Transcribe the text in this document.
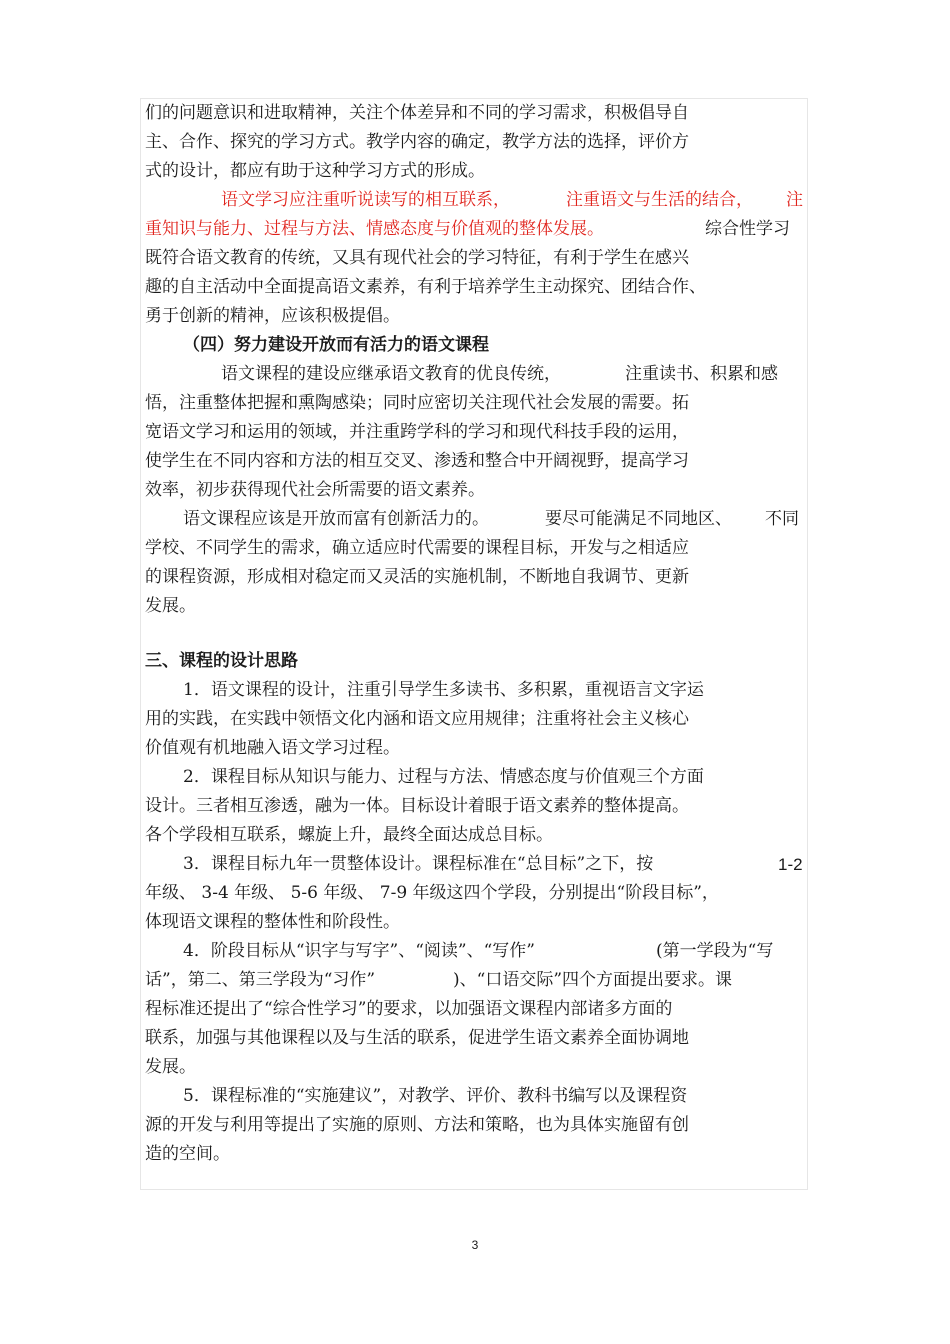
们的问题意识和进取精神，关注个体差异和不同的学习需求，积极倡导自
主、合作、探究的学习方式。教学内容的确定，教学方法的选择，评价方
式的设计，都应有助于这种学习方式的形成。
语文学习应注重听说读写的相互联系，	注重语文与生活的结合， 注
重知识与能力、过程与方法、情感态度与价值观的整体发展。	综合性学习
既符合语文教育的传统，又具有现代社会的学习特征，有利于学生在感兴
趣的自主活动中全面提高语文素养，有利于培养学生主动探究、团结合作、
勇于创新的精神，应该积极提倡。
（四）努力建设开放而有活力的语文课程
语文课程的建设应继承语文教育的优良传统，	注重读书、积累和感
悟，注重整体把握和熏陶感染；同时应密切关注现代社会发展的需要。拓
宽语文学习和运用的领域，并注重跨学科的学习和现代科技手段的运用，
使学生在不同内容和方法的相互交叉、渗透和整合中开阔视野，提高学习
效率，初步获得现代社会所需要的语文素养。
语文课程应该是开放而富有创新活力的。	要尽可能满足不同地区、 不同
学校、不同学生的需求，确立适应时代需要的课程目标，开发与之相适应
的课程资源，形成相对稳定而又灵活的实施机制，不断地自我调节、更新
发展。
三、课程的设计思路
1．语文课程的设计，注重引导学生多读书、多积累，重视语言文字运
用的实践，在实践中领悟文化内涵和语文应用规律；注重将社会主义核心
价值观有机地融入语文学习过程。
2．课程目标从知识与能力、过程与方法、情感态度与价值观三个方面
设计。三者相互渗透，融为一体。目标设计着眼于语文素养的整体提高。
各个学段相互联系，螺旋上升，最终全面达成总目标。
3．课程目标九年一贯整体设计。课程标准在“总目标”之下，按	1-2
年级、 3-4 年级、 5-6 年级、 7-9 年级这四个学段，分别提出“阶段目标”，
体现语文课程的整体性和阶段性。
4．阶段目标从“识字与写字”、“阅读”、“写作”	(第一学段为“写
话”，第二、第三学段为“习作”	)、“口语交际”四个方面提出要求。课
程标准还提出了“综合性学习”的要求，以加强语文课程内部诸多方面的
联系，加强与其他课程以及与生活的联系，促进学生语文素养全面协调地
发展。
5．课程标准的“实施建议”，对教学、评价、教科书编写以及课程资
源的开发与利用等提出了实施的原则、方法和策略，也为具体实施留有创
造的空间。
3
